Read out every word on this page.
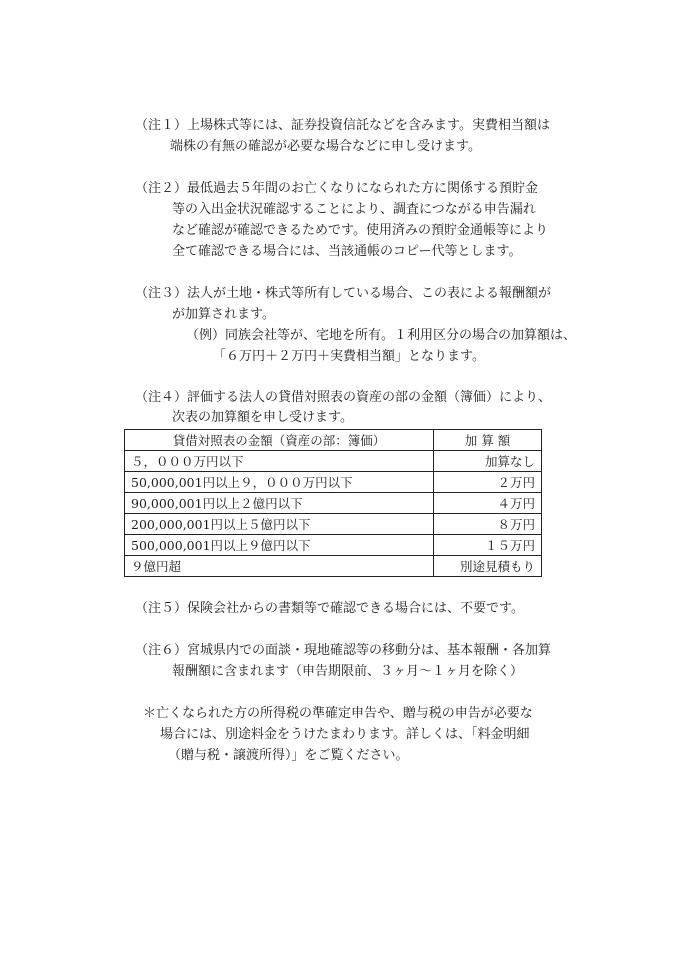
（注１）上場株式等には、証券投資信託などを含みます。実費相当額は
端株の有無の確認が必要な場合などに申し受けます。
（注２）最低過去５年間のお亡くなりになられた方に関係する預貯金
等の入出金状況確認することにより、調査につながる申告漏れ
など確認が確認できるためです。使用済みの預貯金通帳等により
全て確認できる場合には、当該通帳のコピー代等とします。
（注３）法人が土地・株式等所有している場合、この表による報酬額が
が加算されます。
（例）同族会社等が、宅地を所有。１利用区分の場合の加算額は、
「６万円＋２万円＋実費相当額」となります。
（注４）評価する法人の貸借対照表の資産の部の金額（簿価）により、
次表の加算額を申し受けます。
貸借対照表の金額（資産の部：簿価）	加 算 額
５，０００万円以下	加算なし
50,000,001円以上９，０００万円以下	２万円
90,000,001円以上２億円以下	４万円
200,000,001円以上５億円以下	８万円
500,000,001円以上９億円以下	１５万円
９億円超	別途見積もり
（注５）保険会社からの書類等で確認できる場合には、不要です。
（注６）宮城県内での面談・現地確認等の移動分は、基本報酬・各加算
報酬額に含まれます（申告期限前、３ヶ月～１ヶ月を除く）
＊亡くなられた方の所得税の準確定申告や、贈与税の申告が必要な
場合には、別途料金をうけたまわります。詳しくは、「料金明細
（贈与税・譲渡所得）」をご覧ください。
